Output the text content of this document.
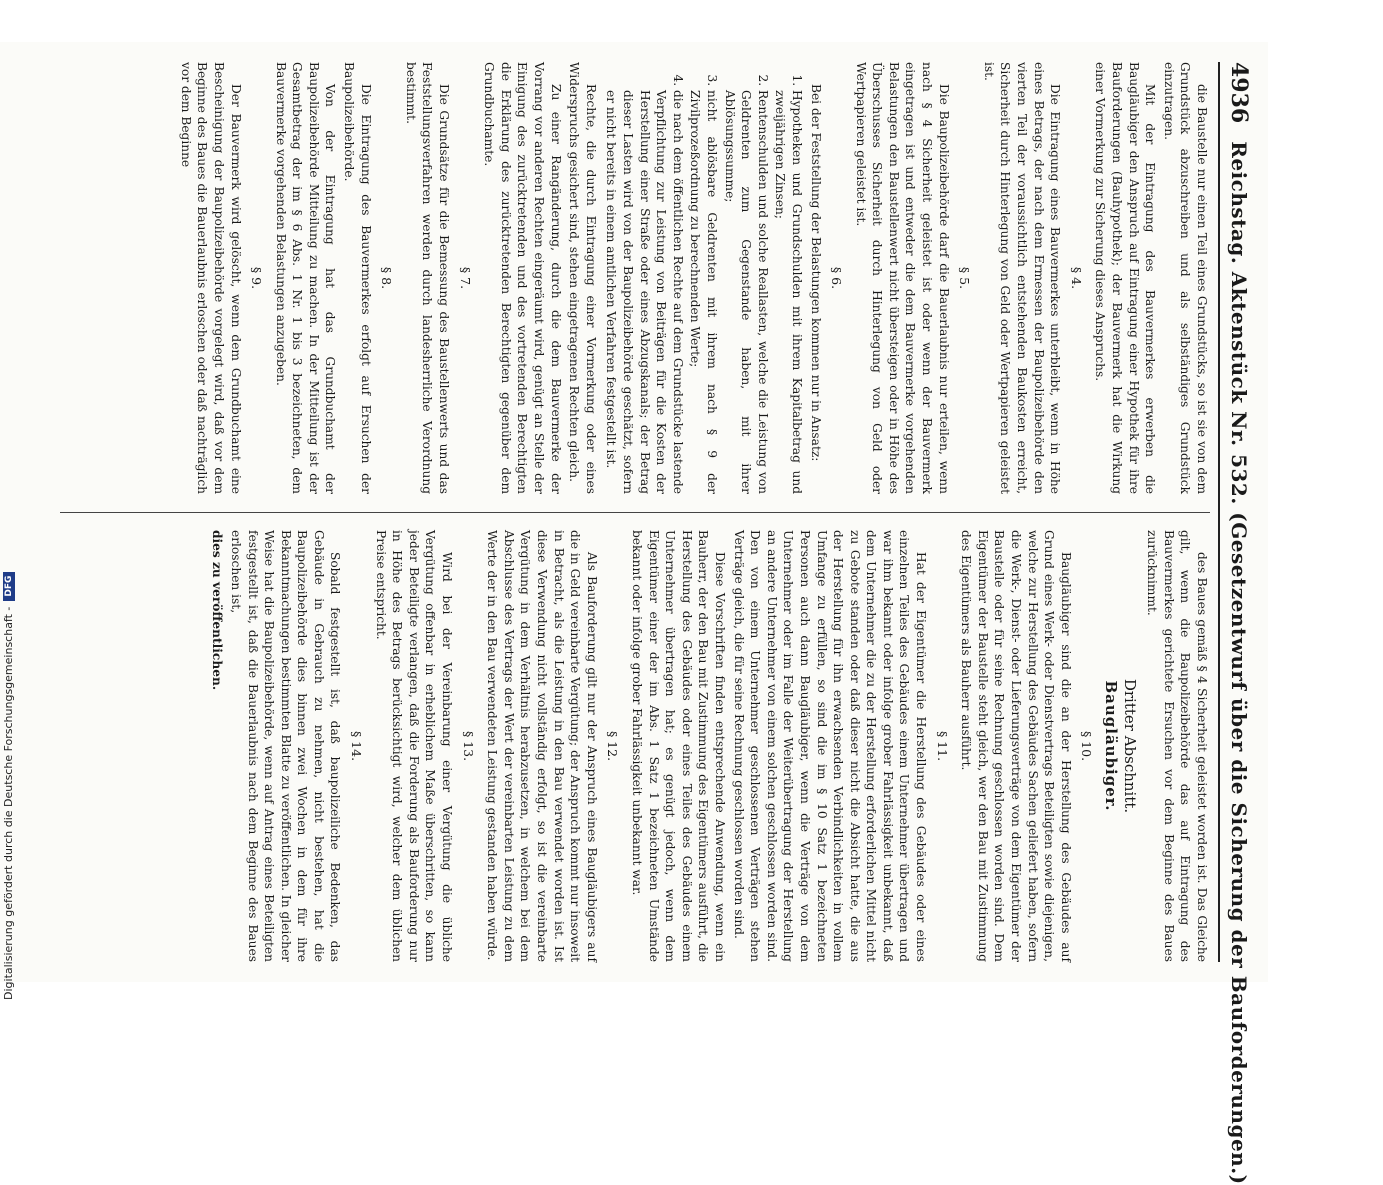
4936
Reichstag. Aktenstück Nr. 532. (Gesetzentwurf über die Sicherung der Bauforderungen.)

die Baustelle nur einen Teil eines Grundstücks, so ist sie von dem Grundstück abzuschreiben und als selbständiges Grundstück einzutragen.

Mit der Eintragung des Bauvermerkes erwerben die Baugläubiger den Anspruch auf Eintragung einer Hypothek für ihre Bauforderungen (Bauhypothek); der Bauvermerk hat die Wirkung einer Vormerkung zur Sicherung dieses Anspruchs.

§ 4.

Die Eintragung eines Bauvermerkes unterbleibt, wenn in Höhe eines Betrags, der nach dem Ermessen der Baupolizeibehörde den vierten Teil der voraussichtlich entstehenden Baukosten erreicht, Sicherheit durch Hinterlegung von Geld oder Wertpapieren geleistet ist.

§ 5.

Die Baupolizeibehörde darf die Bauerlaubnis nur erteilen, wenn nach § 4 Sicherheit geleistet ist oder wenn der Bauvermerk eingetragen ist und entweder die dem Bauvermerke vorgehenden Belastungen den Baustellenwert nicht übersteigen oder in Höhe des Überschusses Sicherheit durch Hinterlegung von Geld oder Wertpapieren geleistet ist.

§ 6.

Bei der Feststellung der Belastungen kommen nur in Ansatz:

1. Hypotheken und Grundschulden mit ihrem Kapitalbetrag und zweijährigen Zinsen;
2. Rentenschulden und solche Reallasten, welche die Leistung von Geldrenten zum Gegenstande haben, mit ihrer Ablösungssumme;
3. nicht ablösbare Geldrenten mit ihrem nach § 9 der Zivilprozeßordnung zu berechnenden Werte;
4. die nach dem öffentlichen Rechte auf dem Grundstücke lastende Verpflichtung zur Leistung von Beiträgen für die Kosten der Herstellung einer Straße oder eines Abzugskanals; der Betrag dieser Lasten wird von der Baupolizeibehörde geschätzt, sofern er nicht bereits in einem amtlichen Verfahren festgestellt ist.

Rechte, die durch Eintragung einer Vormerkung oder eines Widerspruchs gesichert sind, stehen eingetragenen Rechten gleich.

Zu einer Rangänderung, durch die dem Bauvermerke der Vorrang vor anderen Rechten eingeräumt wird, genügt an Stelle der Einigung des zurücktretenden und des vortretenden Berechtigten die Erklärung des zurücktretenden Berechtigten gegenüber dem Grundbuchamte.

§ 7.

Die Grundsätze für die Bemessung des Baustellenwerts und das Feststellungsverfahren werden durch landesherrliche Verordnung bestimmt.

§ 8.

Die Eintragung des Bauvermerkes erfolgt auf Ersuchen der Baupolizeibehörde.

Von der Eintragung hat das Grundbuchamt der Baupolizeibehörde Mitteilung zu machen. In der Mitteilung ist der Gesamtbetrag der im § 6 Abs. 1 Nr. 1 bis 3 bezeichneten, dem Bauvermerke vorgehenden Belastungen anzugeben.

§ 9.

Der Bauvermerk wird gelöscht, wenn dem Grundbuchamt eine Bescheinigung der Baupolizeibehörde vorgelegt wird, daß vor dem Beginne des Baues die Bauerlaubnis erloschen oder daß nachträglich vor dem Beginne

des Baues gemäß § 4 Sicherheit geleistet worden ist. Das Gleiche gilt, wenn die Baupolizeibehörde das auf Eintragung des Bauvermerkes gerichtete Ersuchen vor dem Beginne des Baues zurücknimmt.

Dritter Abschnitt.
Baugläubiger.
§ 10.

Baugläubiger sind die an der Herstellung des Gebäudes auf Grund eines Werk- oder Dienstvertrags Beteiligten sowie diejenigen, welche zur Herstellung des Gebäudes Sachen geliefert haben, sofern die Werk-, Dienst- oder Lieferungsverträge von dem Eigentümer der Baustelle oder für seine Rechnung geschlossen worden sind. Dem Eigentümer der Baustelle steht gleich, wer den Bau mit Zustimmung des Eigentümers als Bauherr ausführt.

§ 11.

Hat der Eigentümer die Herstellung des Gebäudes oder eines einzelnen Teiles des Gebäudes einem Unternehmer übertragen und war ihm bekannt oder infolge grober Fahrlässigkeit unbekannt, daß dem Unternehmer die zu der Herstellung erforderlichen Mittel nicht zu Gebote standen oder daß dieser nicht die Absicht hatte, die aus der Herstellung für ihn erwachsenden Verbindlichkeiten in vollem Umfange zu erfüllen, so sind die im § 10 Satz 1 bezeichneten Personen auch dann Baugläubiger, wenn die Verträge von dem Unternehmer oder im Falle der Weiterübertragung der Herstellung an andere Unternehmer von einem solchen geschlossen worden sind. Den von einem Unternehmer geschlossenen Verträgen stehen Verträge gleich, die für seine Rechnung geschlossen worden sind.

Diese Vorschriften finden entsprechende Anwendung, wenn ein Bauherr, der den Bau mit Zustimmung des Eigentümers ausführt, die Herstellung des Gebäudes oder eines Teiles des Gebäudes einem Unternehmer übertragen hat; es genügt jedoch, wenn dem Eigentümer einer der im Abs. 1 Satz 1 bezeichneten Umstände bekannt oder infolge grober Fahrlässigkeit unbekannt war.

§ 12.

Als Bauforderung gilt nur der Anspruch eines Baugläubigers auf die in Geld vereinbarte Vergütung; der Anspruch kommt nur insoweit in Betracht, als die Leistung in den Bau verwendet worden ist. Ist diese Verwendung nicht vollständig erfolgt, so ist die vereinbarte Vergütung in dem Verhältnis herabzusetzen, in welchem bei dem Abschlusse des Vertrags der Wert der vereinbarten Leistung zu dem Werte der in den Bau verwendeten Leistung gestanden haben würde.

§ 13.

Wird bei der Vereinbarung einer Vergütung die übliche Vergütung offenbar in erheblichem Maße überschritten, so kann jeder Beteiligte verlangen, daß die Forderung als Bauforderung nur in Höhe des Betrags berücksichtigt wird, welcher dem üblichen Preise entspricht.

§ 14.

Sobald festgestellt ist, daß baupolizeiliche Bedenken, das Gebäude in Gebrauch zu nehmen, nicht bestehen, hat die Baupolizeibehörde dies binnen zwei Wochen in dem für ihre Bekanntmachungen bestimmten Blatte zu veröffentlichen. In gleicher Weise hat die Baupolizeibehörde, wenn auf Antrag eines Beteiligten festgestellt ist, daß die Bauerlaubnis nach dem Beginne des Baues erloschen ist,

dies zu veröffentlichen.

Digitalisierung gefördert durch die Deutsche Forschungsgemeinschaft -
DFG
